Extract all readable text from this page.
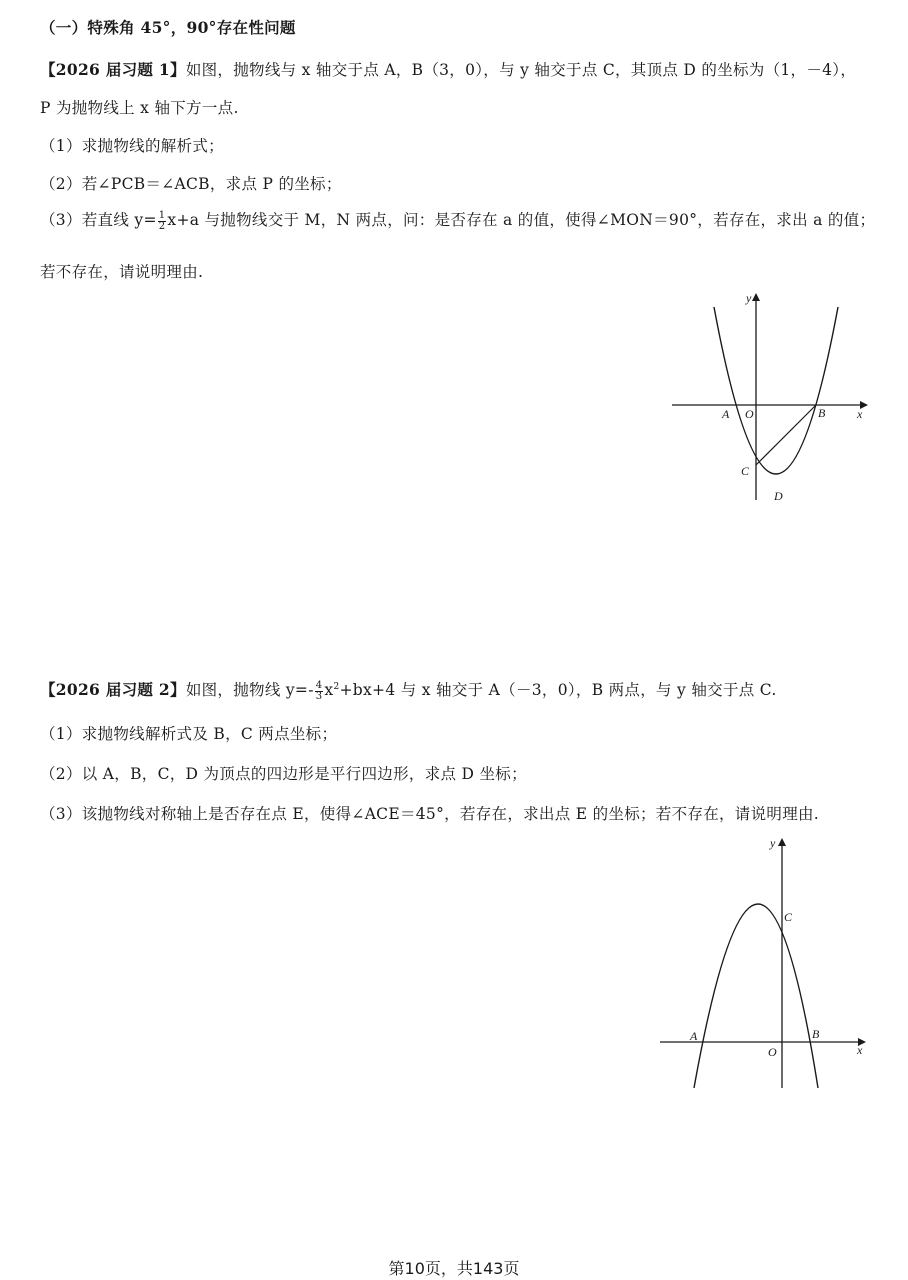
（一）特殊角 45°，90°存在性问题
【2026 届习题 1】如图，抛物线与 x 轴交于点 A，B（3，0），与 y 轴交于点 C，其顶点 D 的坐标为（1，－4），
P 为抛物线上 x 轴下方一点.
（1）求抛物线的解析式；
（2）若∠PCB＝∠ACB，求点 P 的坐标；
（3）若直线 $y= \frac{1}{2} x+a$ 与抛物线交于 M，N 两点，问：是否存在 a 的值，使得∠MON＝90°，若存在，求出 a 的值；
若不存在，请说明理由.
y
x
A O	B
C
D
【2026 届习题 2】如图，抛物线 $y=- \frac{4}{3} x^2+bx+4$ 与 x 轴交于 A（－3，0），B 两点，与 y 轴交于点 C.
（1）求抛物线解析式及 B，C 两点坐标；
（2）以 A，B，C，D 为顶点的四边形是平行四边形，求点 D 坐标；
（3）该抛物线对称轴上是否存在点 E，使得∠ACE＝45°，若存在，求出点 E 的坐标；若不存在，请说明理由.
y
x
A
O
B
C
第10页，共143页
